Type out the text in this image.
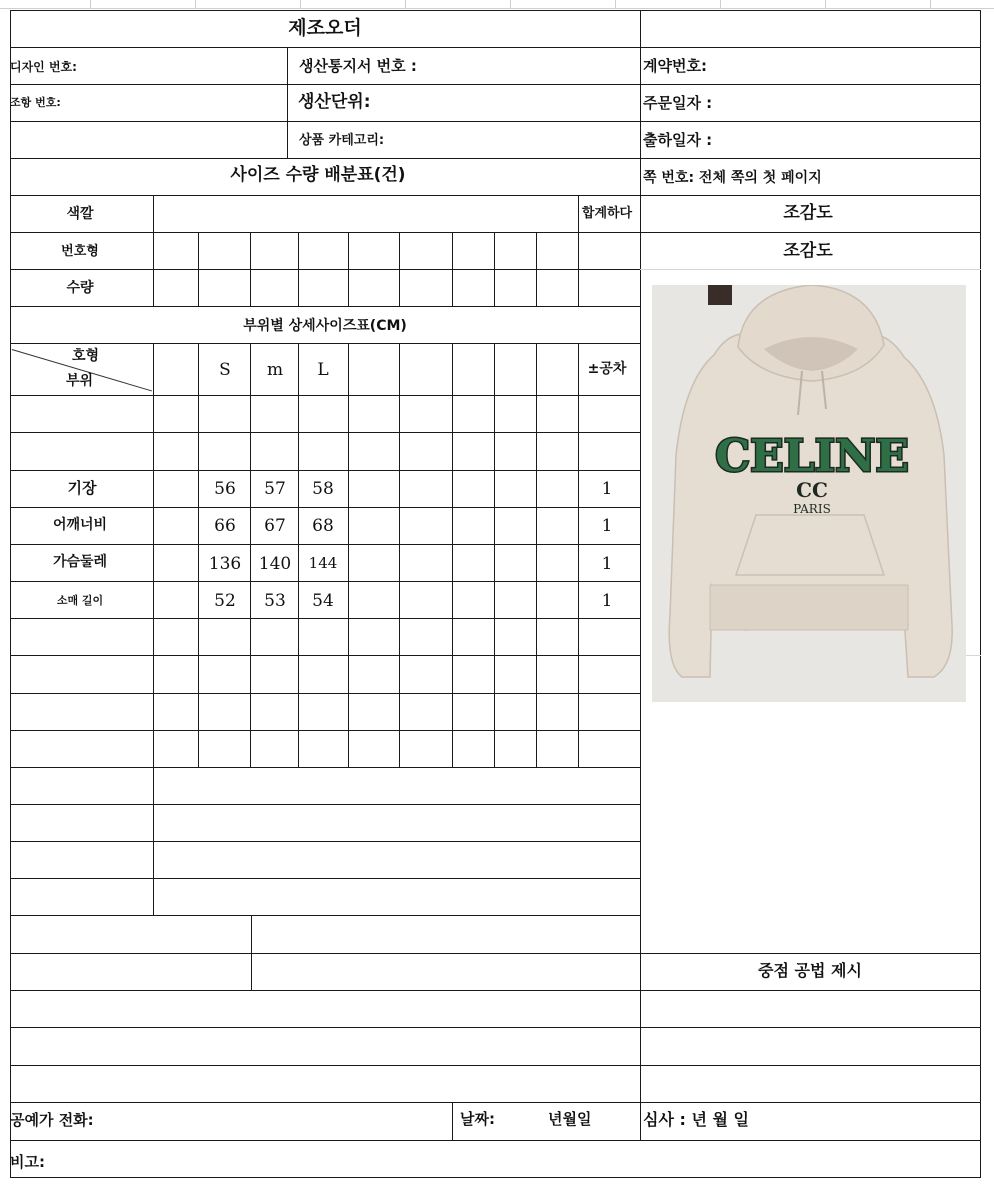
제조오더
디자인 번호:	생산통지서 번호 :	계약번호:
조항 번호:	생산단위:	주문일자 :
상품 카테고리:	출하일자 :
사이즈 수량 배분표(건)	쪽 번호: 전체 쪽의 첫 페이지
색깔	합계하다	조감도
조감도
번호형
수량
부위별 상세사이즈표(CM)
호형
부위
S m L	±공차
기장	56 57 58	1
어깨너비	66 67 68	1
가슴둘레	136 140 144	1
소매 길이	52 53 54	1
CELINE
CC
PARIS
중점 공법 제시
공예가 전화:	날짜:	년월일	심사 : 년 월 일
비고:
